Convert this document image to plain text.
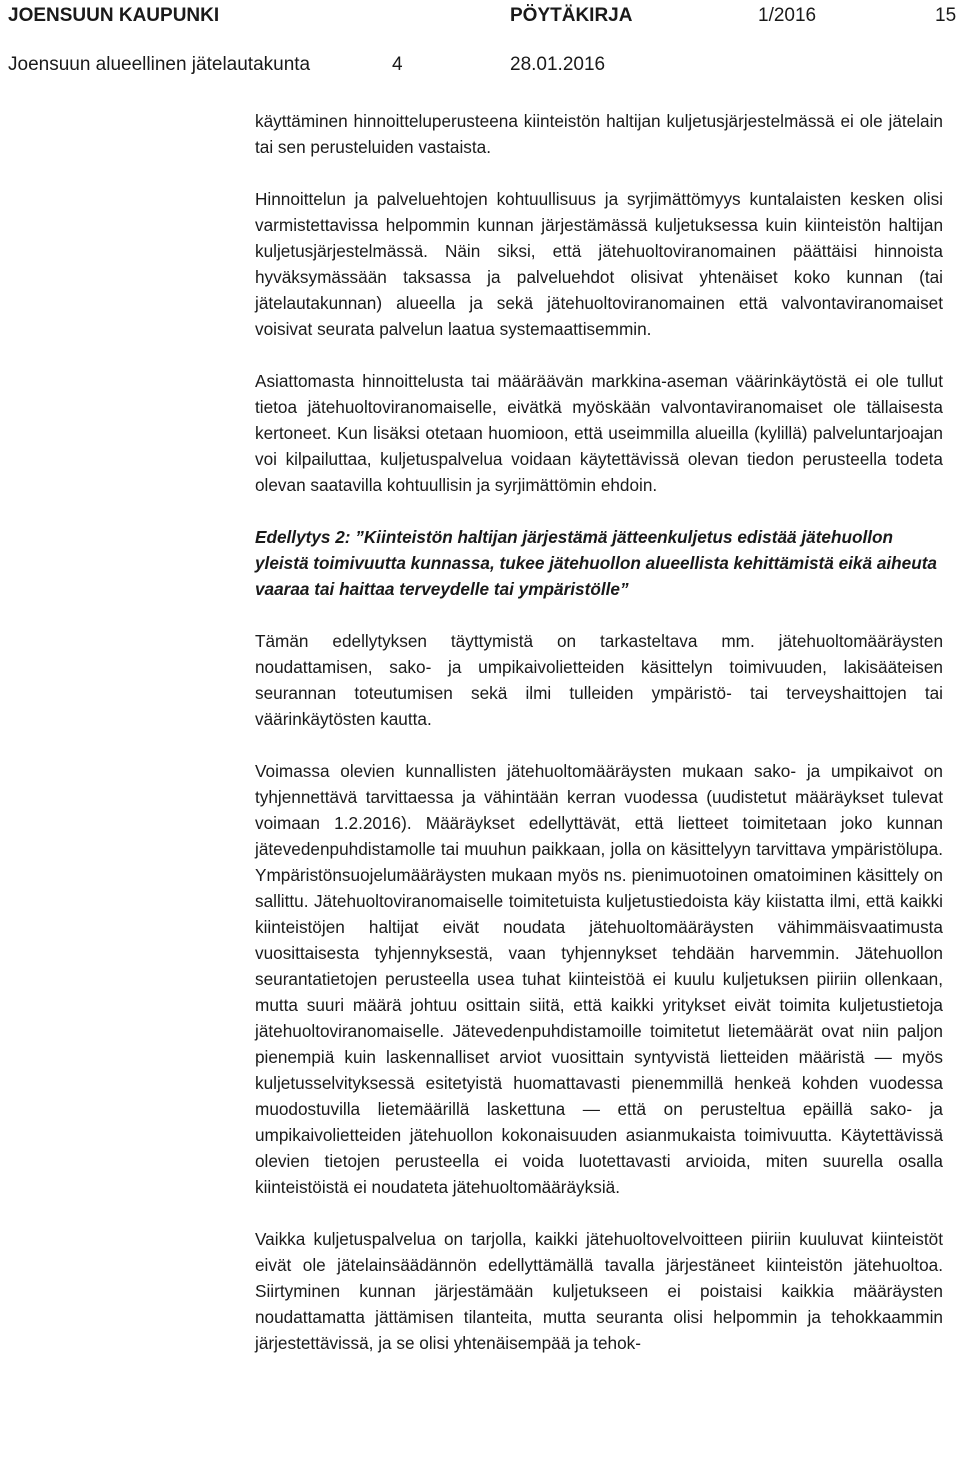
JOENSUUN KAUPUNKI	PÖYTÄKIRJA	1/2016	15
Joensuun alueellinen jätelautakunta	4	28.01.2016

käyttäminen hinnoitteluperusteena kiinteistön haltijan kuljetusjärjestelmässä ei ole jätelain tai sen perusteluiden vastaista.

Hinnoittelun ja palveluehtojen kohtuullisuus ja syrjimättömyys kuntalaisten kesken olisi varmistettavissa helpommin kunnan järjestämässä kuljetuksessa kuin kiinteistön haltijan kuljetusjärjestelmässä. Näin siksi, että jätehuoltoviranomainen päättäisi hinnoista hyväksymässään taksassa ja palveluehdot olisivat yhtenäiset koko kunnan (tai jätelautakunnan) alueella ja sekä jätehuoltoviranomainen että valvontaviranomaiset voisivat seurata palvelun laatua systemaattisemmin.

Asiattomasta hinnoittelusta tai määräävän markkina-aseman väärinkäytöstä ei ole tullut tietoa jätehuoltoviranomaiselle, eivätkä myöskään valvontaviranomaiset ole tällaisesta kertoneet. Kun lisäksi otetaan huomioon, että useimmilla alueilla (kylillä) palveluntarjoajan voi kilpailuttaa, kuljetuspalvelua voidaan käytettävissä olevan tiedon perusteella todeta olevan saatavilla kohtuullisin ja syrjimättömin ehdoin.

Edellytys 2: ”Kiinteistön haltijan järjestämä jätteenkuljetus edistää jätehuollon yleistä toimivuutta kunnassa, tukee jätehuollon alueellista kehittämistä eikä aiheuta vaaraa tai haittaa terveydelle tai ympäristölle”

Tämän edellytyksen täyttymistä on tarkasteltava mm. jätehuoltomääräysten noudattamisen, sako- ja umpikaivolietteiden käsittelyn toimivuuden, lakisääteisen seurannan toteutumisen sekä ilmi tulleiden ympäristö- tai terveyshaittojen tai väärinkäytösten kautta.

Voimassa olevien kunnallisten jätehuoltomääräysten mukaan sako- ja umpikaivot on tyhjennettävä tarvittaessa ja vähintään kerran vuodessa (uudistetut määräykset tulevat voimaan 1.2.2016). Määräykset edellyttävät, että lietteet toimitetaan joko kunnan jätevedenpuhdistamolle tai muuhun paikkaan, jolla on käsittelyyn tarvittava ympäristölupa. Ympäristönsuojelumääräysten mukaan myös ns. pienimuotoinen omatoiminen käsittely on sallittu. Jätehuoltoviranomaiselle toimitetuista kuljetustiedoista käy kiistatta ilmi, että kaikki kiinteistöjen haltijat eivät noudata jätehuoltomääräysten vähimmäisvaatimusta vuosittaisesta tyhjennyksestä, vaan tyhjennykset tehdään harvemmin. Jätehuollon seurantatietojen perusteella usea tuhat kiinteistöä ei kuulu kuljetuksen piiriin ollenkaan, mutta suuri määrä johtuu osittain siitä, että kaikki yritykset eivät toimita kuljetustietoja jätehuoltoviranomaiselle. Jätevedenpuhdistamoille toimitetut lietemäärät ovat niin paljon pienempiä kuin laskennalliset arviot vuosittain syntyvistä lietteiden määristä — myös kuljetusselvityksessä esitetyistä huomattavasti pienemmillä henkeä kohden vuodessa muodostuvilla lietemäärillä laskettuna — että on perusteltua epäillä sako- ja umpikaivolietteiden jätehuollon kokonaisuuden asianmukaista toimivuutta. Käytettävissä olevien tietojen perusteella ei voida luotettavasti arvioida, miten suurella osalla kiinteistöistä ei noudateta jätehuoltomääräyksiä.

Vaikka kuljetuspalvelua on tarjolla, kaikki jätehuoltovelvoitteen piiriin kuuluvat kiinteistöt eivät ole jätelainsäädännön edellyttämällä tavalla järjestäneet kiinteistön jätehuoltoa. Siirtyminen kunnan järjestämään kuljetukseen ei poistaisi kaikkia määräysten noudattamatta jättämisen tilanteita, mutta seuranta olisi helpommin ja tehokkaammin järjestettävissä, ja se olisi yhtenäisempää ja tehok-
